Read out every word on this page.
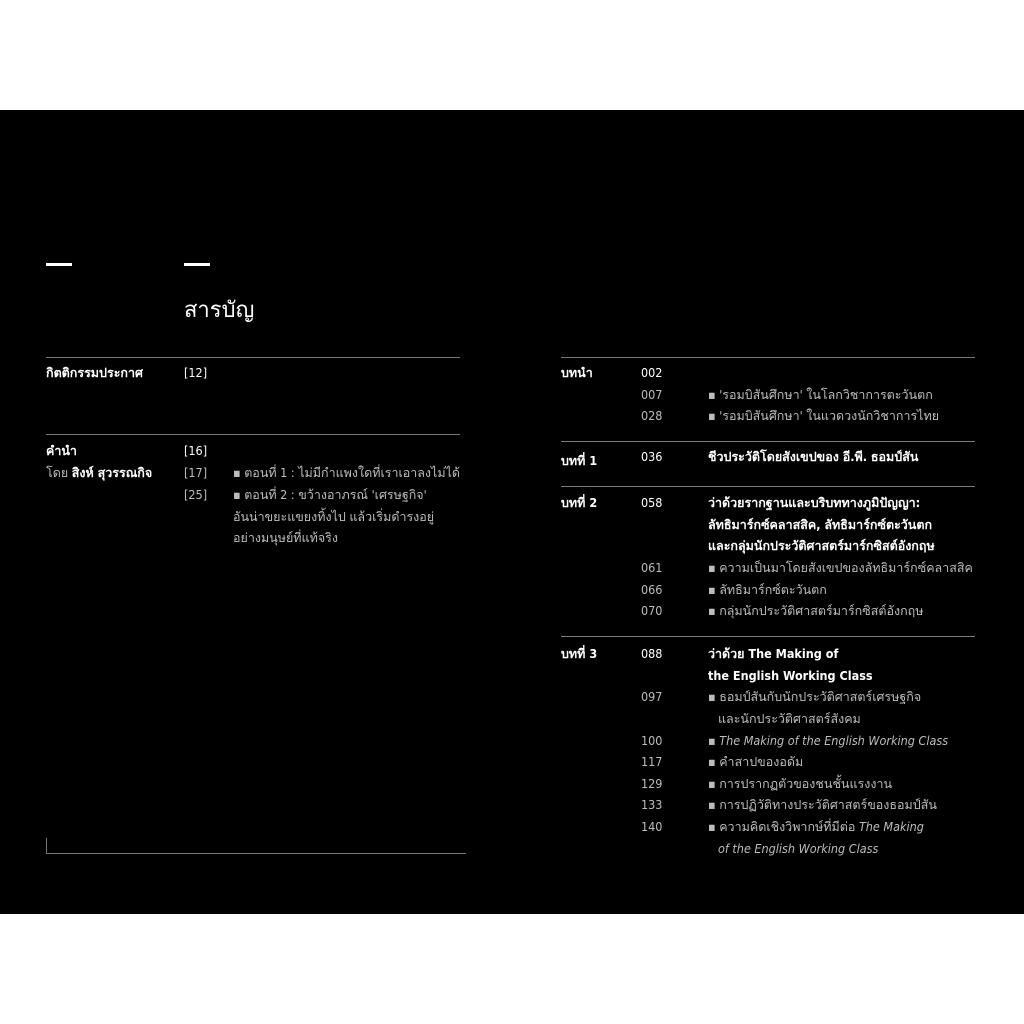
สารบัญ
กิตติกรรมประกาศ	[12]
คำนำ	[16]
โดย สิงห์ สุวรรณกิจ	[17] ▪ ตอนที่ 1 : ไม่มีกำแพงใดที่เราเอาลงไม่ได้
[25] ▪ ตอนที่ 2 : ขว้างอาภรณ์ 'เศรษฐกิจ'
อันน่าขยะแขยงทิ้งไป แล้วเริ่มดำรงอยู่
อย่างมนุษย์ที่แท้จริง
บทนำ	002
007	▪ 'รอมบิสันศึกษา' ในโลกวิชาการตะวันตก
028	▪ 'รอมบิสันศึกษา' ในแวดวงนักวิชาการไทย
บทที่ 1	036	ชีวประวัติโดยสังเขปของ อี.พี. ธอมป์สัน
บทที่ 2	058	ว่าด้วยรากฐานและบริบททางภูมิปัญญา:
ลัทธิมาร์กซ์คลาสสิค, ลัทธิมาร์กซ์ตะวันตก
และกลุ่มนักประวัติศาสตร์มาร์กซิสต์อังกฤษ
061	▪ ความเป็นมาโดยสังเขปของลัทธิมาร์กซ์คลาสสิค
066	▪ ลัทธิมาร์กซ์ตะวันตก
070	▪ กลุ่มนักประวัติศาสตร์มาร์กซิสต์อังกฤษ
บทที่ 3	088	ว่าด้วย The Making of
the English Working Class
097	▪ ธอมป์สันกับนักประวัติศาสตร์เศรษฐกิจ
และนักประวัติศาสตร์สังคม
100	▪ The Making of the English Working Class
117	▪ คำสาปของอดัม
129	▪ การปรากฏตัวของชนชั้นแรงงาน
133	▪ การปฏิวัติทางประวัติศาสตร์ของธอมป์สัน
140	▪ ความคิดเชิงวิพากษ์ที่มีต่อ The Making
of the English Working Class
